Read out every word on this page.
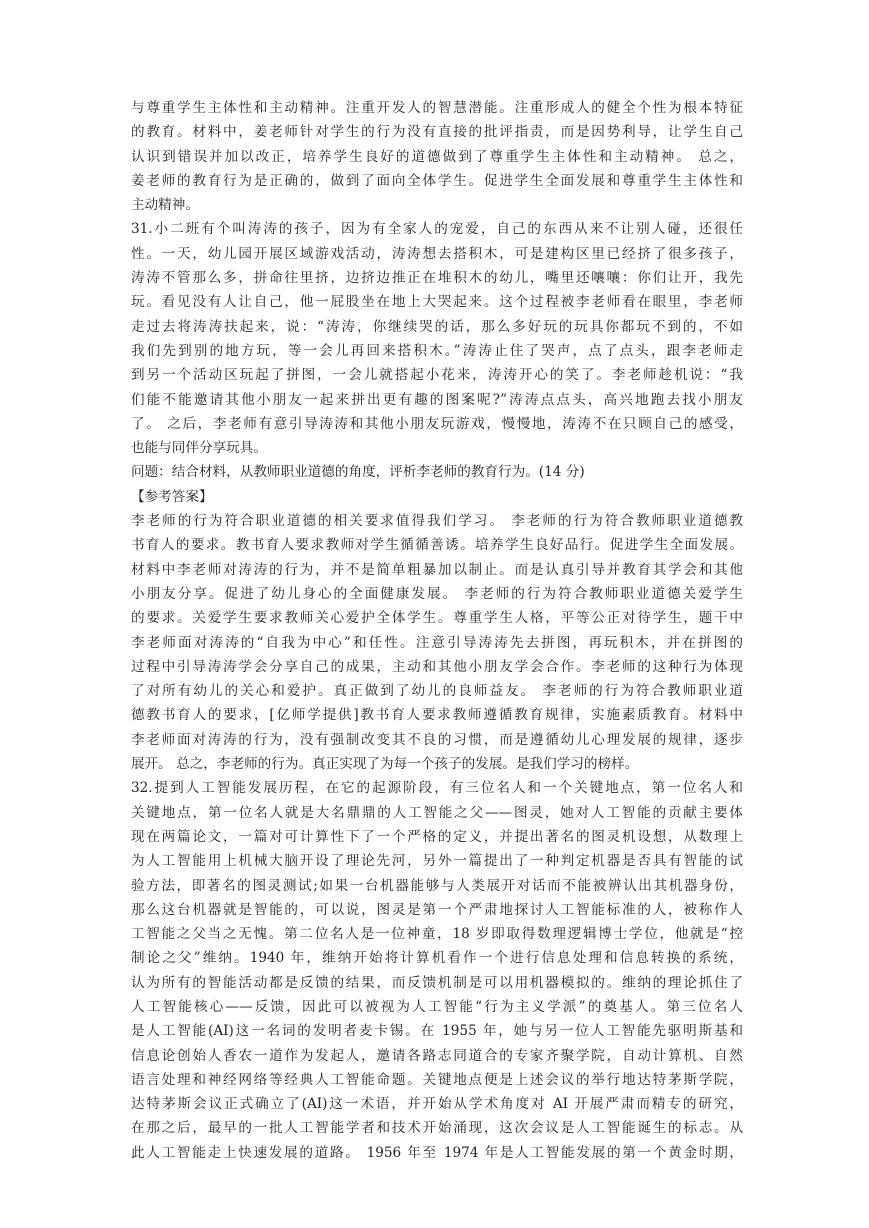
与尊重学生主体性和主动精神。注重开发人的智慧潜能。注重形成人的健全个性为根本特征
的教育。材料中，姜老师针对学生的行为没有直接的批评指责，而是因势利导，让学生自己
认识到错误并加以改正，培养学生良好的道德做到了尊重学生主体性和主动精神。 总之，
姜老师的教育行为是正确的，做到了面向全体学生。促进学生全面发展和尊重学生主体性和
主动精神。
31.小二班有个叫涛涛的孩子，因为有全家人的宠爱，自己的东西从来不让别人碰，还很任
性。一天，幼儿园开展区域游戏活动，涛涛想去搭积木，可是建构区里已经挤了很多孩子，
涛涛不管那么多，拼命往里挤，边挤边推正在堆积木的幼儿，嘴里还嚷嚷：你们让开，我先
玩。看见没有人让自己，他一屁股坐在地上大哭起来。这个过程被李老师看在眼里，李老师
走过去将涛涛扶起来，说：“涛涛，你继续哭的话，那么多好玩的玩具你都玩不到的，不如
我们先到别的地方玩，等一会儿再回来搭积木。”涛涛止住了哭声，点了点头，跟李老师走
到另一个活动区玩起了拼图，一会儿就搭起小花来，涛涛开心的笑了。李老师趁机说：“我
们能不能邀请其他小朋友一起来拼出更有趣的图案呢?”涛涛点点头，高兴地跑去找小朋友
了。 之后，李老师有意引导涛涛和其他小朋友玩游戏，慢慢地，涛涛不在只顾自己的感受，
也能与同伴分享玩具。
问题：结合材料，从教师职业道德的角度，评析李老师的教育行为。(14 分)
【参考答案】
李老师的行为符合职业道德的相关要求值得我们学习。 李老师的行为符合教师职业道德教
书育人的要求。教书育人要求教师对学生循循善诱。培养学生良好品行。促进学生全面发展。
材料中李老师对涛涛的行为，并不是简单粗暴加以制止。而是认真引导并教育其学会和其他
小朋友分享。促进了幼儿身心的全面健康发展。 李老师的行为符合教师职业道德关爱学生
的要求。关爱学生要求教师关心爱护全体学生。尊重学生人格，平等公正对待学生，题干中
李老师面对涛涛的“自我为中心”和任性。注意引导涛涛先去拼图，再玩积木，并在拼图的
过程中引导涛涛学会分享自己的成果，主动和其他小朋友学会合作。李老师的这种行为体现
了对所有幼儿的关心和爱护。真正做到了幼儿的良师益友。 李老师的行为符合教师职业道
德教书育人的要求，[亿师学提供]教书育人要求教师遵循教育规律，实施素质教育。材料中
李老师面对涛涛的行为，没有强制改变其不良的习惯，而是遵循幼儿心理发展的规律，逐步
展开。 总之，李老师的行为。真正实现了为每一个孩子的发展。是我们学习的榜样。
32.提到人工智能发展历程，在它的起源阶段，有三位名人和一个关键地点，第一位名人和
关键地点，第一位名人就是大名鼎鼎的人工智能之父——图灵，她对人工智能的贡献主要体
现在两篇论文，一篇对可计算性下了一个严格的定义，并提出著名的图灵机设想，从数理上
为人工智能用上机械大脑开设了理论先河，另外一篇提出了一种判定机器是否具有智能的试
验方法，即著名的图灵测试;如果一台机器能够与人类展开对话而不能被辨认出其机器身份，
那么这台机器就是智能的，可以说，图灵是第一个严肃地探讨人工智能标准的人，被称作人
工智能之父当之无愧。第二位名人是一位神童，18 岁即取得数理逻辑博士学位，他就是“控
制论之父”维纳。1940 年，维纳开始将计算机看作一个进行信息处理和信息转换的系统，
认为所有的智能活动都是反馈的结果，而反馈机制是可以用机器模拟的。维纳的理论抓住了
人工智能核心——反馈，因此可以被视为人工智能“行为主义学派”的奠基人。第三位名人
是人工智能(AI)这一名词的发明者麦卡锡。在 1955 年，她与另一位人工智能先驱明斯基和
信息论创始人香农一道作为发起人，邀请各路志同道合的专家齐聚学院，自动计算机、自然
语言处理和神经网络等经典人工智能命题。关键地点便是上述会议的举行地达特茅斯学院，
达特茅斯会议正式确立了(AI)这一术语，并开始从学术角度对 AI 开展严肃而精专的研究，
在那之后，最早的一批人工智能学者和技术开始涌现，这次会议是人工智能诞生的标志。从
此人工智能走上快速发展的道路。 1956 年至 1974 年是人工智能发展的第一个黄金时期，
